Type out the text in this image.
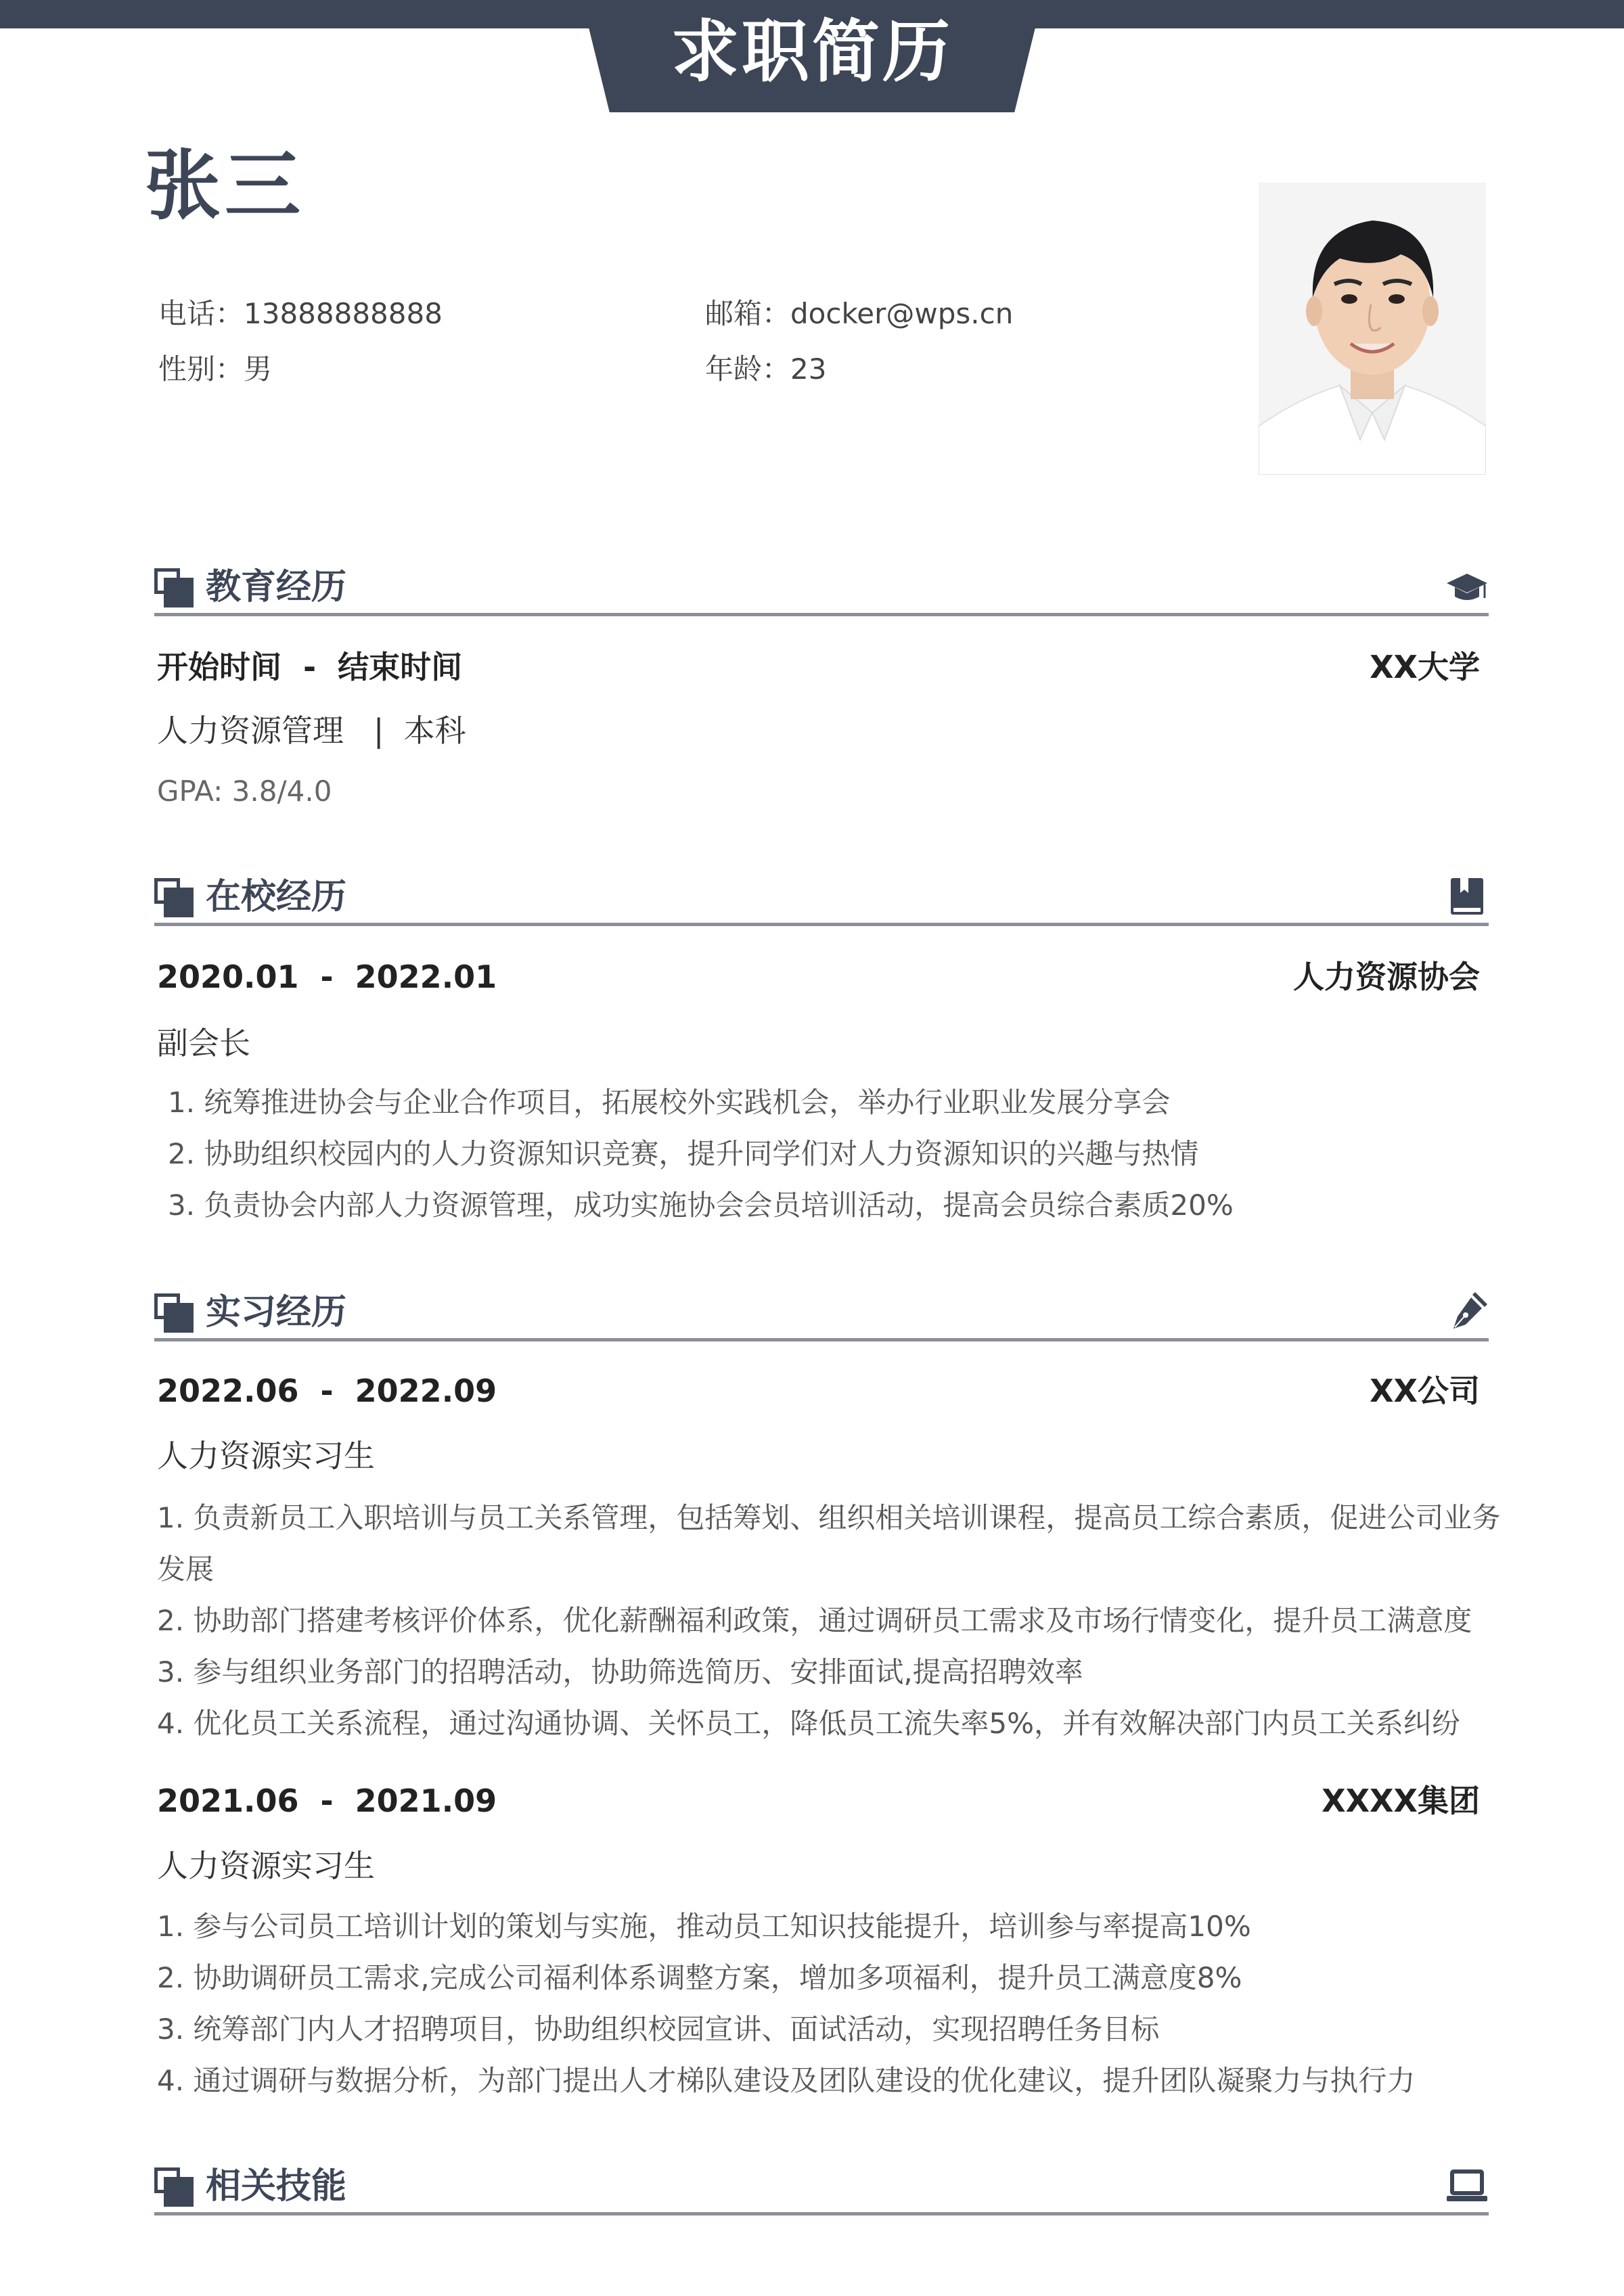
求职简历
张三
电话：13888888888	邮箱：docker@wps.cn
性别：男	年龄：23
教育经历
开始时间  -  结束时间	XX大学
人力资源管理   |  本科
GPA: 3.8/4.0
在校经历
2020.01  -  2022.01	人力资源协会
副会长
1. 统筹推进协会与企业合作项目，拓展校外实践机会，举办行业职业发展分享会
2. 协助组织校园内的人力资源知识竞赛，提升同学们对人力资源知识的兴趣与热情
3. 负责协会内部人力资源管理，成功实施协会会员培训活动，提高会员综合素质20%
实习经历
2022.06  -  2022.09	XX公司
人力资源实习生
1. 负责新员工入职培训与员工关系管理，包括筹划、组织相关培训课程，提高员工综合素质，促进公司业务
发展
2. 协助部门搭建考核评价体系，优化薪酬福利政策，通过调研员工需求及市场行情变化，提升员工满意度
3. 参与组织业务部门的招聘活动，协助筛选简历、安排面试,提高招聘效率
4. 优化员工关系流程，通过沟通协调、关怀员工，降低员工流失率5%，并有效解决部门内员工关系纠纷
2021.06  -  2021.09	XXXX集团
人力资源实习生
1. 参与公司员工培训计划的策划与实施，推动员工知识技能提升，培训参与率提高10%
2. 协助调研员工需求,完成公司福利体系调整方案，增加多项福利，提升员工满意度8%
3. 统筹部门内人才招聘项目，协助组织校园宣讲、面试活动，实现招聘任务目标
4. 通过调研与数据分析，为部门提出人才梯队建设及团队建设的优化建议，提升团队凝聚力与执行力
相关技能
